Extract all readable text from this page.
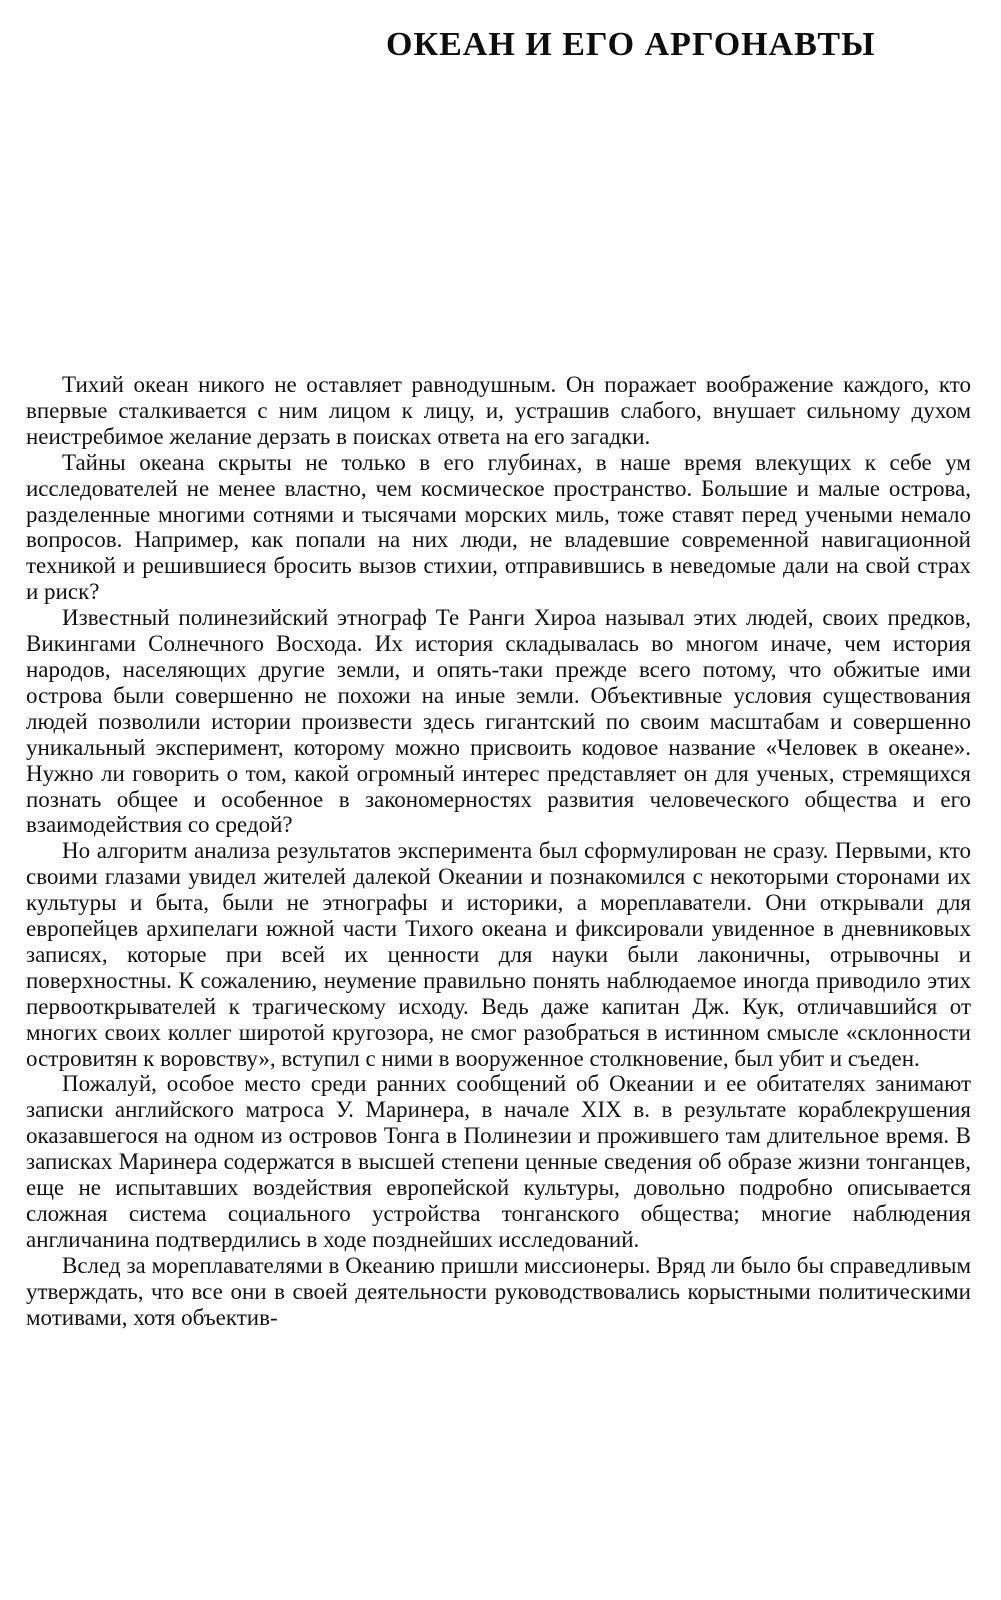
ОКЕАН И ЕГО АРГОНАВТЫ

Тихий океан никого не оставляет равнодушным. Он поражает воображение каждого, кто впервые сталкивается с ним лицом к лицу, и, устрашив слабого, внушает сильному духом неистребимое желание дерзать в поисках ответа на его загадки.

Тайны океана скрыты не только в его глубинах, в наше время влекущих к себе ум исследователей не менее властно, чем космическое пространство. Большие и малые острова, разделенные многими сотнями и тысячами морских миль, тоже ставят перед учеными немало вопросов. Например, как попали на них люди, не владевшие современной навигационной техникой и решившиеся бросить вызов стихии, отправившись в неведомые дали на свой страх и риск?

Известный полинезийский этнограф Те Ранги Хироа называл этих людей, своих предков, Викингами Солнечного Восхода. Их история складывалась во многом иначе, чем история народов, населяющих другие земли, и опять-таки прежде всего потому, что обжитые ими острова были совершенно не похожи на иные земли. Объективные условия существования людей позволили истории произвести здесь гигантский по своим масштабам и совершенно уникальный эксперимент, которому можно присвоить кодовое название «Человек в океане». Нужно ли говорить о том, какой огромный интерес представляет он для ученых, стремящихся познать общее и особенное в закономерностях развития человеческого общества и его взаимодействия со средой?

Но алгоритм анализа результатов эксперимента был сформулирован не сразу. Первыми, кто своими глазами увидел жителей далекой Океании и познакомился с некоторыми сторонами их культуры и быта, были не этнографы и историки, а мореплаватели. Они открывали для европейцев архипелаги южной части Тихого океана и фиксировали увиденное в дневниковых записях, которые при всей их ценности для науки были лаконичны, отрывочны и поверхностны. К сожалению, неумение правильно понять наблюдаемое иногда приводило этих первооткрывателей к трагическому исходу. Ведь даже капитан Дж. Кук, отличавшийся от многих своих коллег широтой кругозора, не смог разобраться в истинном смысле «склонности островитян к воровству», вступил с ними в вооруженное столкновение, был убит и съеден.

Пожалуй, особое место среди ранних сообщений об Океании и ее обитателях занимают записки английского матроса У. Маринера, в начале XIX в. в результате кораблекрушения оказавшегося на одном из островов Тонга в Полинезии и прожившего там длительное время. В записках Маринера содержатся в высшей степени ценные сведения об образе жизни тонганцев, еще не испытавших воздействия европейской культуры, довольно подробно описывается сложная система социального устройства тонганского общества; многие наблюдения англичанина подтвердились в ходе позднейших исследований.

Вслед за мореплавателями в Океанию пришли миссионеры. Вряд ли было бы справедливым утверждать, что все они в своей деятельности руководствовались корыстными политическими мотивами, хотя объектив-
